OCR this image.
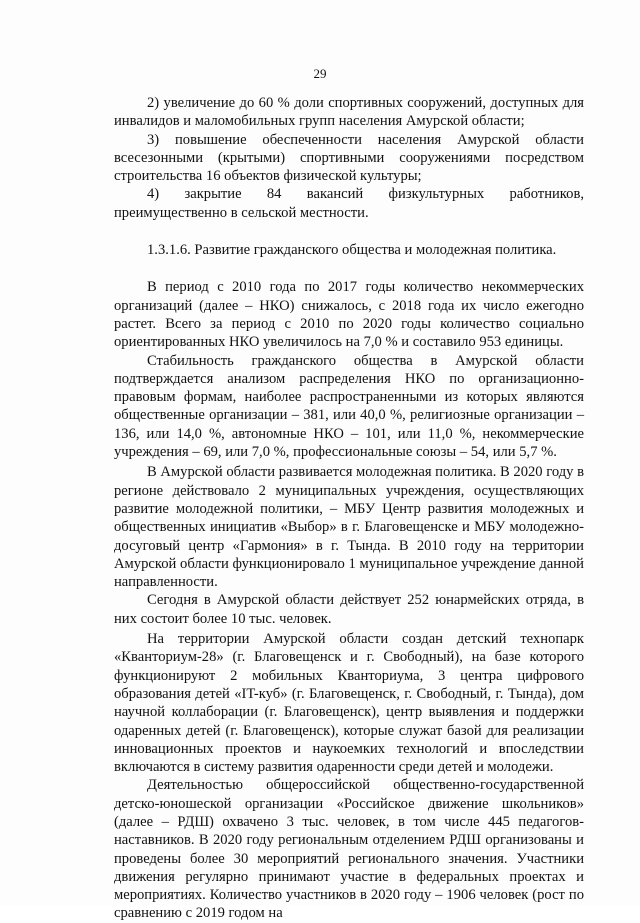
29

2) увеличение до 60 % доли спортивных сооружений, доступных для инвалидов и маломобильных групп населения Амурской области;

3) повышение обеспеченности населения Амурской области всесезонными (крытыми) спортивными сооружениями посредством строительства 16 объектов физической культуры;

4) закрытие 84 вакансий физкультурных работников, преимущественно в сельской местности.

1.3.1.6. Развитие гражданского общества и молодежная политика.

В период с 2010 года по 2017 годы количество некоммерческих организаций (далее – НКО) снижалось, с 2018 года их число ежегодно растет. Всего за период с 2010 по 2020 годы количество социально ориентированных НКО увеличилось на 7,0 % и составило 953 единицы.

Стабильность гражданского общества в Амурской области подтверждается анализом распределения НКО по организационно-правовым формам, наиболее распространенными из которых являются общественные организации – 381, или 40,0 %, религиозные организации – 136, или 14,0 %, автономные НКО – 101, или 11,0 %, некоммерческие учреждения – 69, или 7,0 %, профессиональные союзы – 54, или 5,7 %.

В Амурской области развивается молодежная политика. В 2020 году в регионе действовало 2 муниципальных учреждения, осуществляющих развитие молодежной политики, – МБУ Центр развития молодежных и общественных инициатив «Выбор» в г. Благовещенске и МБУ молодежно-досуговый центр «Гармония» в г. Тында. В 2010 году на территории Амурской области функционировало 1 муниципальное учреждение данной направленности.

Сегодня в Амурской области действует 252 юнармейских отряда, в них состоит более 10 тыс. человек.

На территории Амурской области создан детский технопарк «Кванториум-28» (г. Благовещенск и г. Свободный), на базе которого функционируют 2 мобильных Кванториума, 3 центра цифрового образования детей «IT-куб» (г. Благовещенск, г. Свободный, г. Тында), дом научной коллаборации (г. Благовещенск), центр выявления и поддержки одаренных детей (г. Благовещенск), которые служат базой для реализации инновационных проектов и наукоемких технологий и впоследствии включаются в систему развития одаренности среди детей и молодежи.

Деятельностью общероссийской общественно-государственной детско-юношеской организации «Российское движение школьников» (далее – РДШ) охвачено 3 тыс. человек, в том числе 445 педагогов-наставников. В 2020 году региональным отделением РДШ организованы и проведены более 30 мероприятий регионального значения. Участники движения регулярно принимают участие в федеральных проектах и мероприятиях. Количество участников в 2020 году – 1906 человек (рост по сравнению с 2019 годом на
